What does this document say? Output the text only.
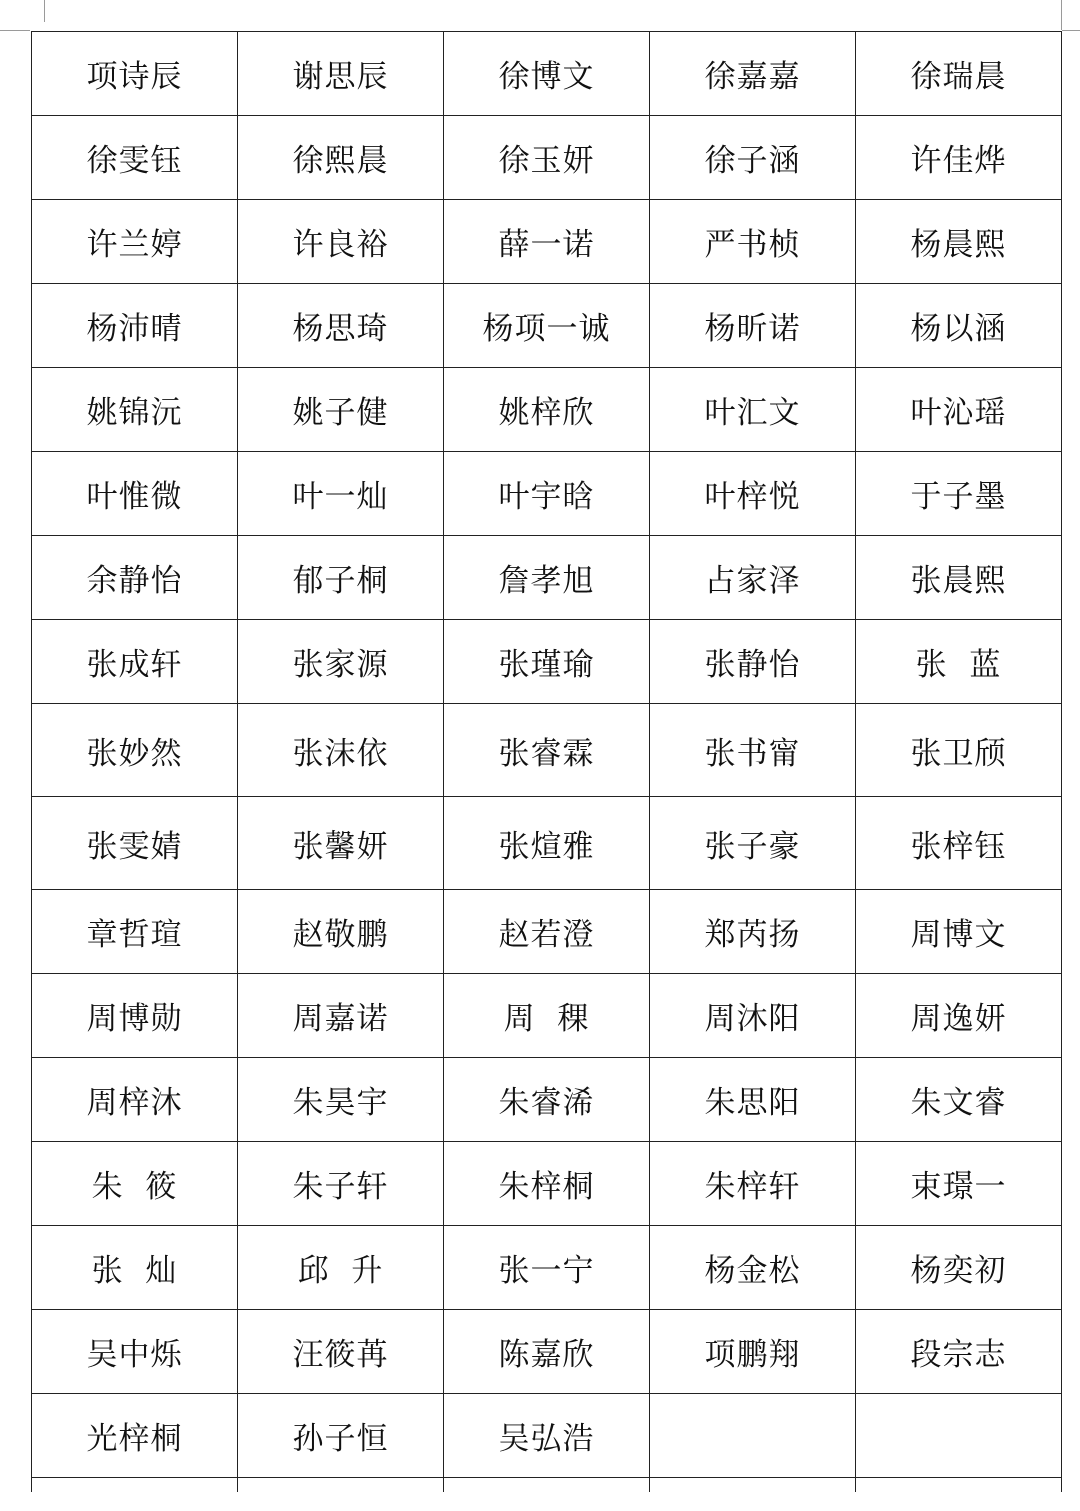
项诗辰	谢思辰	徐博文	徐嘉嘉	徐瑞晨
徐雯钰	徐熙晨	徐玉妍	徐子涵	许佳烨
许兰婷	许良裕	薛一诺	严书桢	杨晨熙
杨沛晴	杨思琦	杨项一诚	杨昕诺	杨以涵
姚锦沅	姚子健	姚梓欣	叶汇文	叶沁瑶
叶惟微	叶一灿	叶宇晗	叶梓悦	于子墨
余静怡	郁子桐	詹孝旭	占家泽	张晨熙
张成轩	张家源	张瑾瑜	张静怡	张  蓝
张妙然	张沫依	张睿霖	张书甯	张卫颀
张雯婧	张馨妍	张煊雅	张子豪	张梓钰
章哲瑄	赵敬鹏	赵若澄	郑芮扬	周博文
周博勋	周嘉诺	周  稞	周沐阳	周逸妍
周梓沐	朱昊宇	朱睿浠	朱思阳	朱文睿
朱  筱	朱子轩	朱梓桐	朱梓轩	束璟一
张  灿	邱  升	张一宁	杨金松	杨奕初
吴中烁	汪筱苒	陈嘉欣	项鹏翔	段宗志
光梓桐	孙子恒	吴弘浩		
